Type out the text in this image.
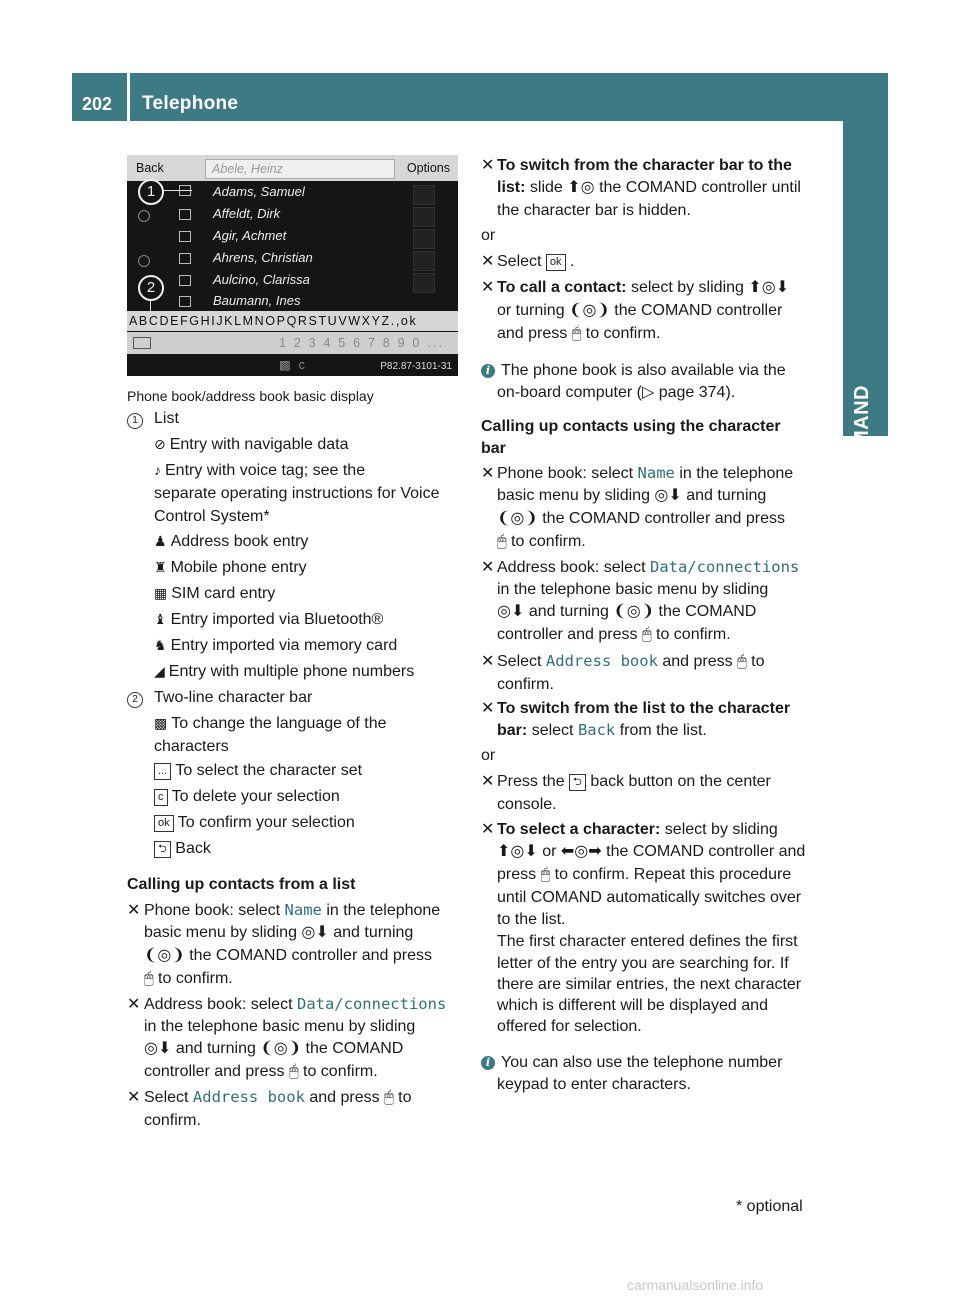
202	Telephone
COMAND
Back	Abele, Heinz	Options
Adams, Samuel
Affeldt, Dirk
Agir, Achmet
Ahrens, Christian
Aulcino, Clarissa
Baumann, Ines
1
2
ABCDEFGHIJKLMNOPQRSTUVWXYZ.,ok
1 2 3 4 5 6 7 8 9 0 ... ▩ c	P82.87-3101-31
Phone book/address book basic display
1	List
⊘ Entry with navigable data
♪ Entry with voice tag; see the
separate operating instructions for Voice
Control System*
♟ Address book entry
♜ Mobile phone entry
▦ SIM card entry
♝ Entry imported via Bluetooth®
♞ Entry imported via memory card
◢ Entry with multiple phone numbers
2	Two-line character bar
▩ To change the language of the
characters
... To select the character set
c To delete your selection
ok To confirm your selection
⮌ Back
Calling up contacts from a list
✕ Phone book: select Name in the telephone
basic menu by sliding ◎⬇ and turning
❨◎❩ the COMAND controller and press
🖱 to confirm.
✕ Address book: select Data/connections
in the telephone basic menu by sliding
◎⬇ and turning ❨◎❩ the COMAND
controller and press 🖱 to confirm.
✕ Select Address book and press 🖱 to
confirm.
✕ To switch from the character bar to the
list: slide ⬆◎ the COMAND controller until
the character bar is hidden.
or
✕ Select ok .
✕ To call a contact: select by sliding ⬆◎⬇
or turning ❨◎❩ the COMAND controller
and press 🖱 to confirm.
i The phone book is also available via the
on-board computer (▷ page 374).
Calling up contacts using the character
bar
✕ Phone book: select Name in the telephone
basic menu by sliding ◎⬇ and turning
❨◎❩ the COMAND controller and press
🖱 to confirm.
✕ Address book: select Data/connections
in the telephone basic menu by sliding
◎⬇ and turning ❨◎❩ the COMAND
controller and press 🖱 to confirm.
✕ Select Address book and press 🖱 to
confirm.
✕ To switch from the list to the character
bar: select Back from the list.
or
✕ Press the ⮌ back button on the center
console.
✕ To select a character: select by sliding
⬆◎⬇ or ⬅◎➡ the COMAND controller and
press 🖱 to confirm. Repeat this procedure
until COMAND automatically switches over
to the list.
The first character entered defines the first
letter of the entry you are searching for. If
there are similar entries, the next character
which is different will be displayed and
offered for selection.
i You can also use the telephone number
keypad to enter characters.
* optional
carmanualsonline.info
